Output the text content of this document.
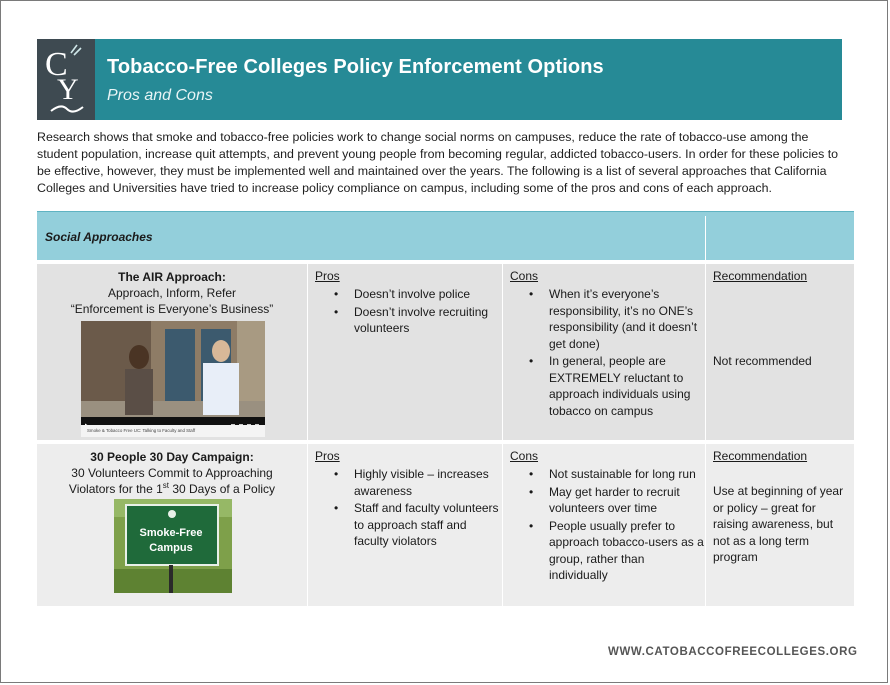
C
Y
Tobacco-Free Colleges Policy Enforcement Options
Pros and Cons
Research shows that smoke and tobacco-free policies work to change social norms on campuses, reduce the rate of tobacco-use among the student population, increase quit attempts, and prevent young people from becoming regular, addicted tobacco-users. In order for these policies to be effective, however, they must be implemented well and maintained over the years. The following is a list of several approaches that California Colleges and Universities have tried to increase policy compliance on campus, including some of the pros and cons of each approach.
Social Approaches
The AIR Approach:
Approach, Inform, Refer
“Enforcement is Everyone’s Business”
Smoke & Tobacco Free UC: Talking to Faculty and Staff
Pros
• Doesn’t involve police
• Doesn’t involve recruiting volunteers
Cons
• When it’s everyone’s responsibility, it’s no ONE’s responsibility (and it doesn’t get done)
• In general, people are EXTREMELY reluctant to approach individuals using tobacco on campus
Recommendation
Not recommended
30 People 30 Day Campaign:
30 Volunteers Commit to Approaching
Violators for the 1st 30 Days of a Policy
Smoke-Free Campus
Pros
• Highly visible – increases awareness
• Staff and faculty volunteers to approach staff and faculty violators
Cons
• Not sustainable for long run
• May get harder to recruit volunteers over time
• People usually prefer to approach tobacco-users as a group, rather than individually
Recommendation
Use at beginning of year or policy – great for raising awareness, but not as a long term program
WWW.CATOBACCOFREECOLLEGES.ORG
